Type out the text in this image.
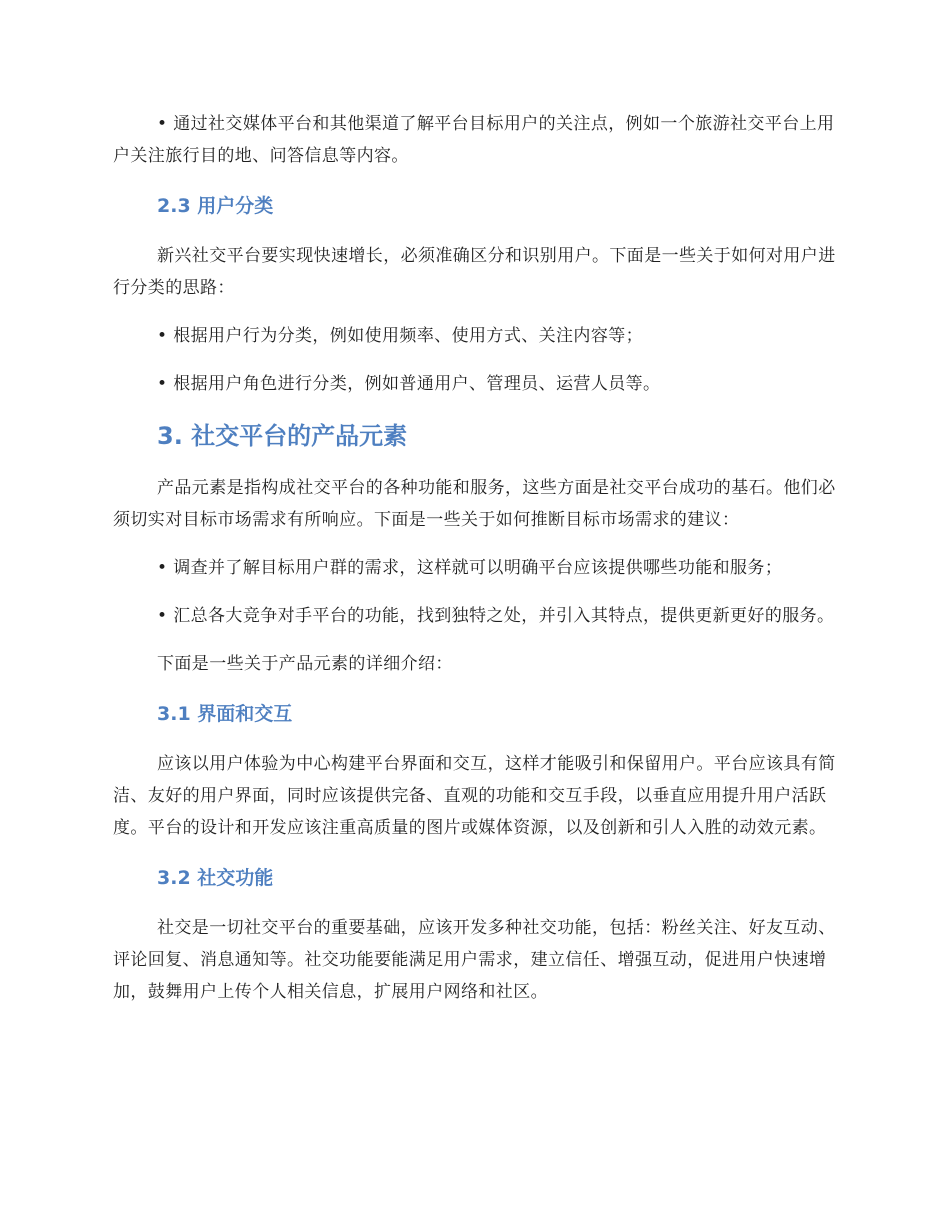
• 通过社交媒体平台和其他渠道了解平台目标用户的关注点，例如一个旅游社交平台上用户关注旅行目的地、问答信息等内容。

2.3 用户分类

新兴社交平台要实现快速增长，必须准确区分和识别用户。下面是一些关于如何对用户进行分类的思路：

• 根据用户行为分类，例如使用频率、使用方式、关注内容等；

• 根据用户角色进行分类，例如普通用户、管理员、运营人员等。

3. 社交平台的产品元素

产品元素是指构成社交平台的各种功能和服务，这些方面是社交平台成功的基石。他们必须切实对目标市场需求有所响应。下面是一些关于如何推断目标市场需求的建议：

• 调查并了解目标用户群的需求，这样就可以明确平台应该提供哪些功能和服务；

• 汇总各大竞争对手平台的功能，找到独特之处，并引入其特点，提供更新更好的服务。

下面是一些关于产品元素的详细介绍：

3.1 界面和交互

应该以用户体验为中心构建平台界面和交互，这样才能吸引和保留用户。平台应该具有简洁、友好的用户界面，同时应该提供完备、直观的功能和交互手段，以垂直应用提升用户活跃度。平台的设计和开发应该注重高质量的图片或媒体资源，以及创新和引人入胜的动效元素。

3.2 社交功能

社交是一切社交平台的重要基础，应该开发多种社交功能，包括：粉丝关注、好友互动、评论回复、消息通知等。社交功能要能满足用户需求，建立信任、增强互动，促进用户快速增加，鼓舞用户上传个人相关信息，扩展用户网络和社区。
